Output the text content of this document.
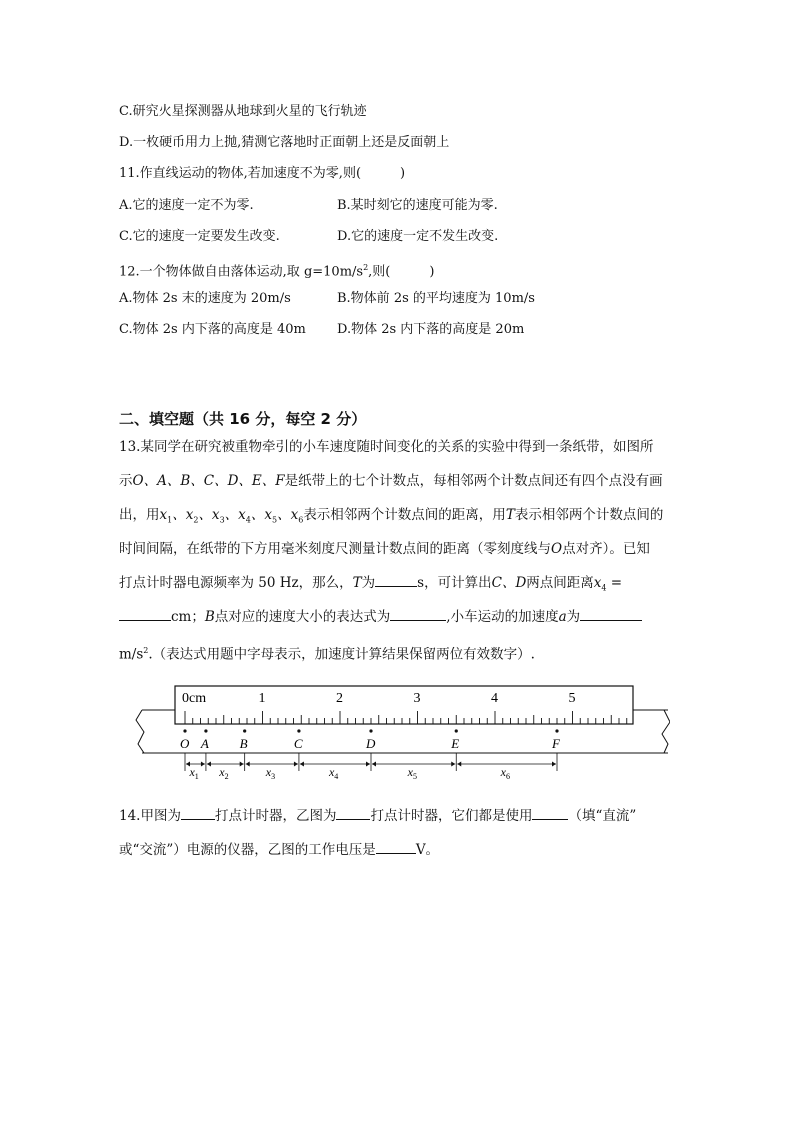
C.研究火星探测器从地球到火星的飞行轨迹
D.一枚硬币用力上抛,猜测它落地时正面朝上还是反面朝上
11.作直线运动的物体,若加速度不为零,则(　　　)
A.它的速度一定不为零.	B.某时刻它的速度可能为零.
C.它的速度一定要发生改变.	D.它的速度一定不发生改变.
12.一个物体做自由落体运动,取 $g=10m/s^2$,则(　　　)
A.物体 2s 末的速度为 20m/s	B.物体前 2s 的平均速度为 10m/s
C.物体 2s 内下落的高度是 40m	D.物体 2s 内下落的高度是 20m
二、填空题（共 16 分，每空 2 分）
13.某同学在研究被重物牵引的小车速度随时间变化的关系的实验中得到一条纸带，如图所
示O、A、B、C、D、E、F是纸带上的七个计数点，每相邻两个计数点间还有四个点没有画
出，用$x_1$、$x_2$、$x_3$、$x_4$、$x_5$、$x_6$表示相邻两个计数点间的距离，用T表示相邻两个计数点间的
时间间隔，在纸带的下方用毫米刻度尺测量计数点间的距离（零刻度线与O点对齐）。已知
打点计时器电源频率为 50 Hz，那么，T为	s，可计算出C、D两点间距离$x_4$ =
cm；B点对应的速度大小的表达式为	,小车运动的加速度a为
$m/s^2$.（表达式用题中字母表示，加速度计算结果保留两位有效数字）.
0cm	1	2	3	4	5
O A B	C	D	E	F
$x_1$ $x_2$	$x_3$	$x_4$	$x_5$	$x_6$
14.甲图为	打点计时器，乙图为	打点计时器，它们都是使用	（填“直流”
或“交流”）电源的仪器，乙图的工作电压是	V。
